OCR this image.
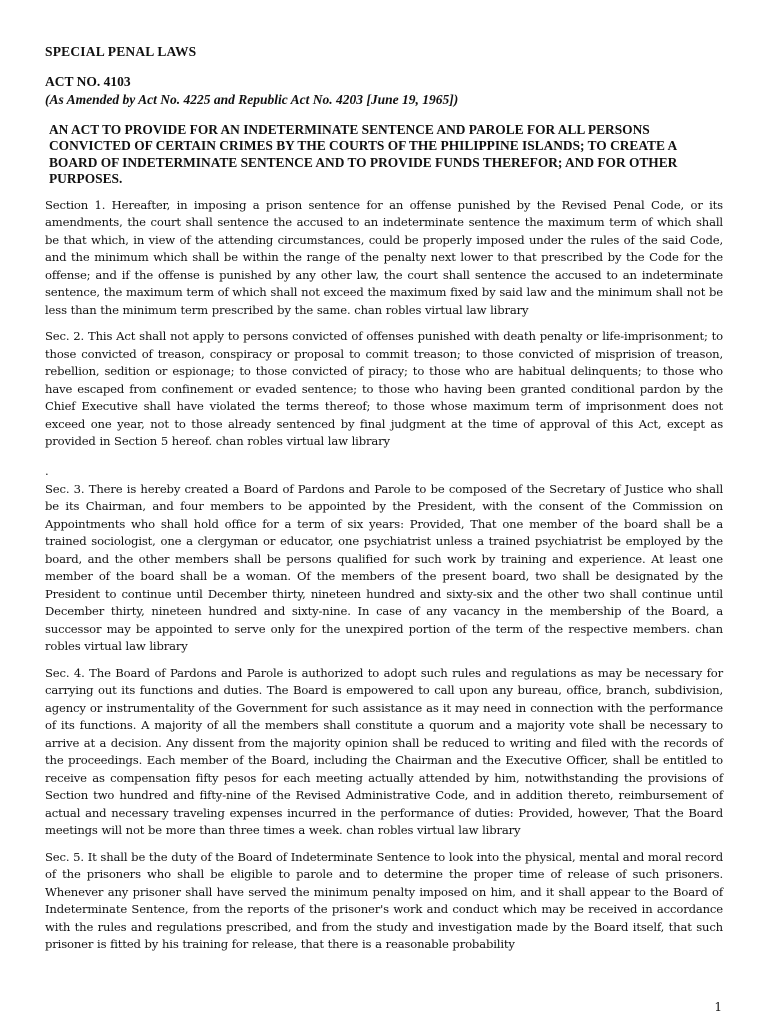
SPECIAL PENAL LAWS
ACT NO. 4103
(As Amended by Act No. 4225 and Republic Act No. 4203 [June 19, 1965])
AN ACT TO PROVIDE FOR AN INDETERMINATE SENTENCE AND PAROLE FOR ALL PERSONS CONVICTED OF CERTAIN CRIMES BY THE COURTS OF THE PHILIPPINE ISLANDS; TO CREATE A BOARD OF INDETERMINATE SENTENCE AND TO PROVIDE FUNDS THEREFOR; AND FOR OTHER PURPOSES.

Section 1. Hereafter, in imposing a prison sentence for an offense punished by the Revised Penal Code, or its amendments, the court shall sentence the accused to an indeterminate sentence the maximum term of which shall be that which, in view of the attending circumstances, could be properly imposed under the rules of the said Code, and the minimum which shall be within the range of the penalty next lower to that prescribed by the Code for the offense; and if the offense is punished by any other law, the court shall sentence the accused to an indeterminate sentence, the maximum term of which shall not exceed the maximum fixed by said law and the minimum shall not be less than the minimum term prescribed by the same. chan robles virtual law library

Sec. 2. This Act shall not apply to persons convicted of offenses punished with death penalty or life-imprisonment; to those convicted of treason, conspiracy or proposal to commit treason; to those convicted of misprision of treason, rebellion, sedition or espionage; to those convicted of piracy; to those who are habitual delinquents; to those who have escaped from confinement or evaded sentence; to those who having been granted conditional pardon by the Chief Executive shall have violated the terms thereof; to those whose maximum term of imprisonment does not exceed one year, not to those already sentenced by final judgment at the time of approval of this Act, except as provided in Section 5 hereof. chan robles virtual law library

.

Sec. 3. There is hereby created a Board of Pardons and Parole to be composed of the Secretary of Justice who shall be its Chairman, and four members to be appointed by the President, with the consent of the Commission on Appointments who shall hold office for a term of six years: Provided, That one member of the board shall be a trained sociologist, one a clergyman or educator, one psychiatrist unless a trained psychiatrist be employed by the board, and the other members shall be persons qualified for such work by training and experience. At least one member of the board shall be a woman. Of the members of the present board, two shall be designated by the President to continue until December thirty, nineteen hundred and sixty-six and the other two shall continue until December thirty, nineteen hundred and sixty-nine. In case of any vacancy in the membership of the Board, a successor may be appointed to serve only for the unexpired portion of the term of the respective members. chan robles virtual law library

Sec. 4. The Board of Pardons and Parole is authorized to adopt such rules and regulations as may be necessary for carrying out its functions and duties. The Board is empowered to call upon any bureau, office, branch, subdivision, agency or instrumentality of the Government for such assistance as it may need in connection with the performance of its functions. A majority of all the members shall constitute a quorum and a majority vote shall be necessary to arrive at a decision. Any dissent from the majority opinion shall be reduced to writing and filed with the records of the proceedings. Each member of the Board, including the Chairman and the Executive Officer, shall be entitled to receive as compensation fifty pesos for each meeting actually attended by him, notwithstanding the provisions of Section two hundred and fifty-nine of the Revised Administrative Code, and in addition thereto, reimbursement of actual and necessary traveling expenses incurred in the performance of duties: Provided, however, That the Board meetings will not be more than three times a week. chan robles virtual law library

Sec. 5. It shall be the duty of the Board of Indeterminate Sentence to look into the physical, mental and moral record of the prisoners who shall be eligible to parole and to determine the proper time of release of such prisoners. Whenever any prisoner shall have served the minimum penalty imposed on him, and it shall appear to the Board of Indeterminate Sentence, from the reports of the prisoner's work and conduct which may be received in accordance with the rules and regulations prescribed, and from the study and investigation made by the Board itself, that such prisoner is fitted by his training for release, that there is a reasonable probability

1
